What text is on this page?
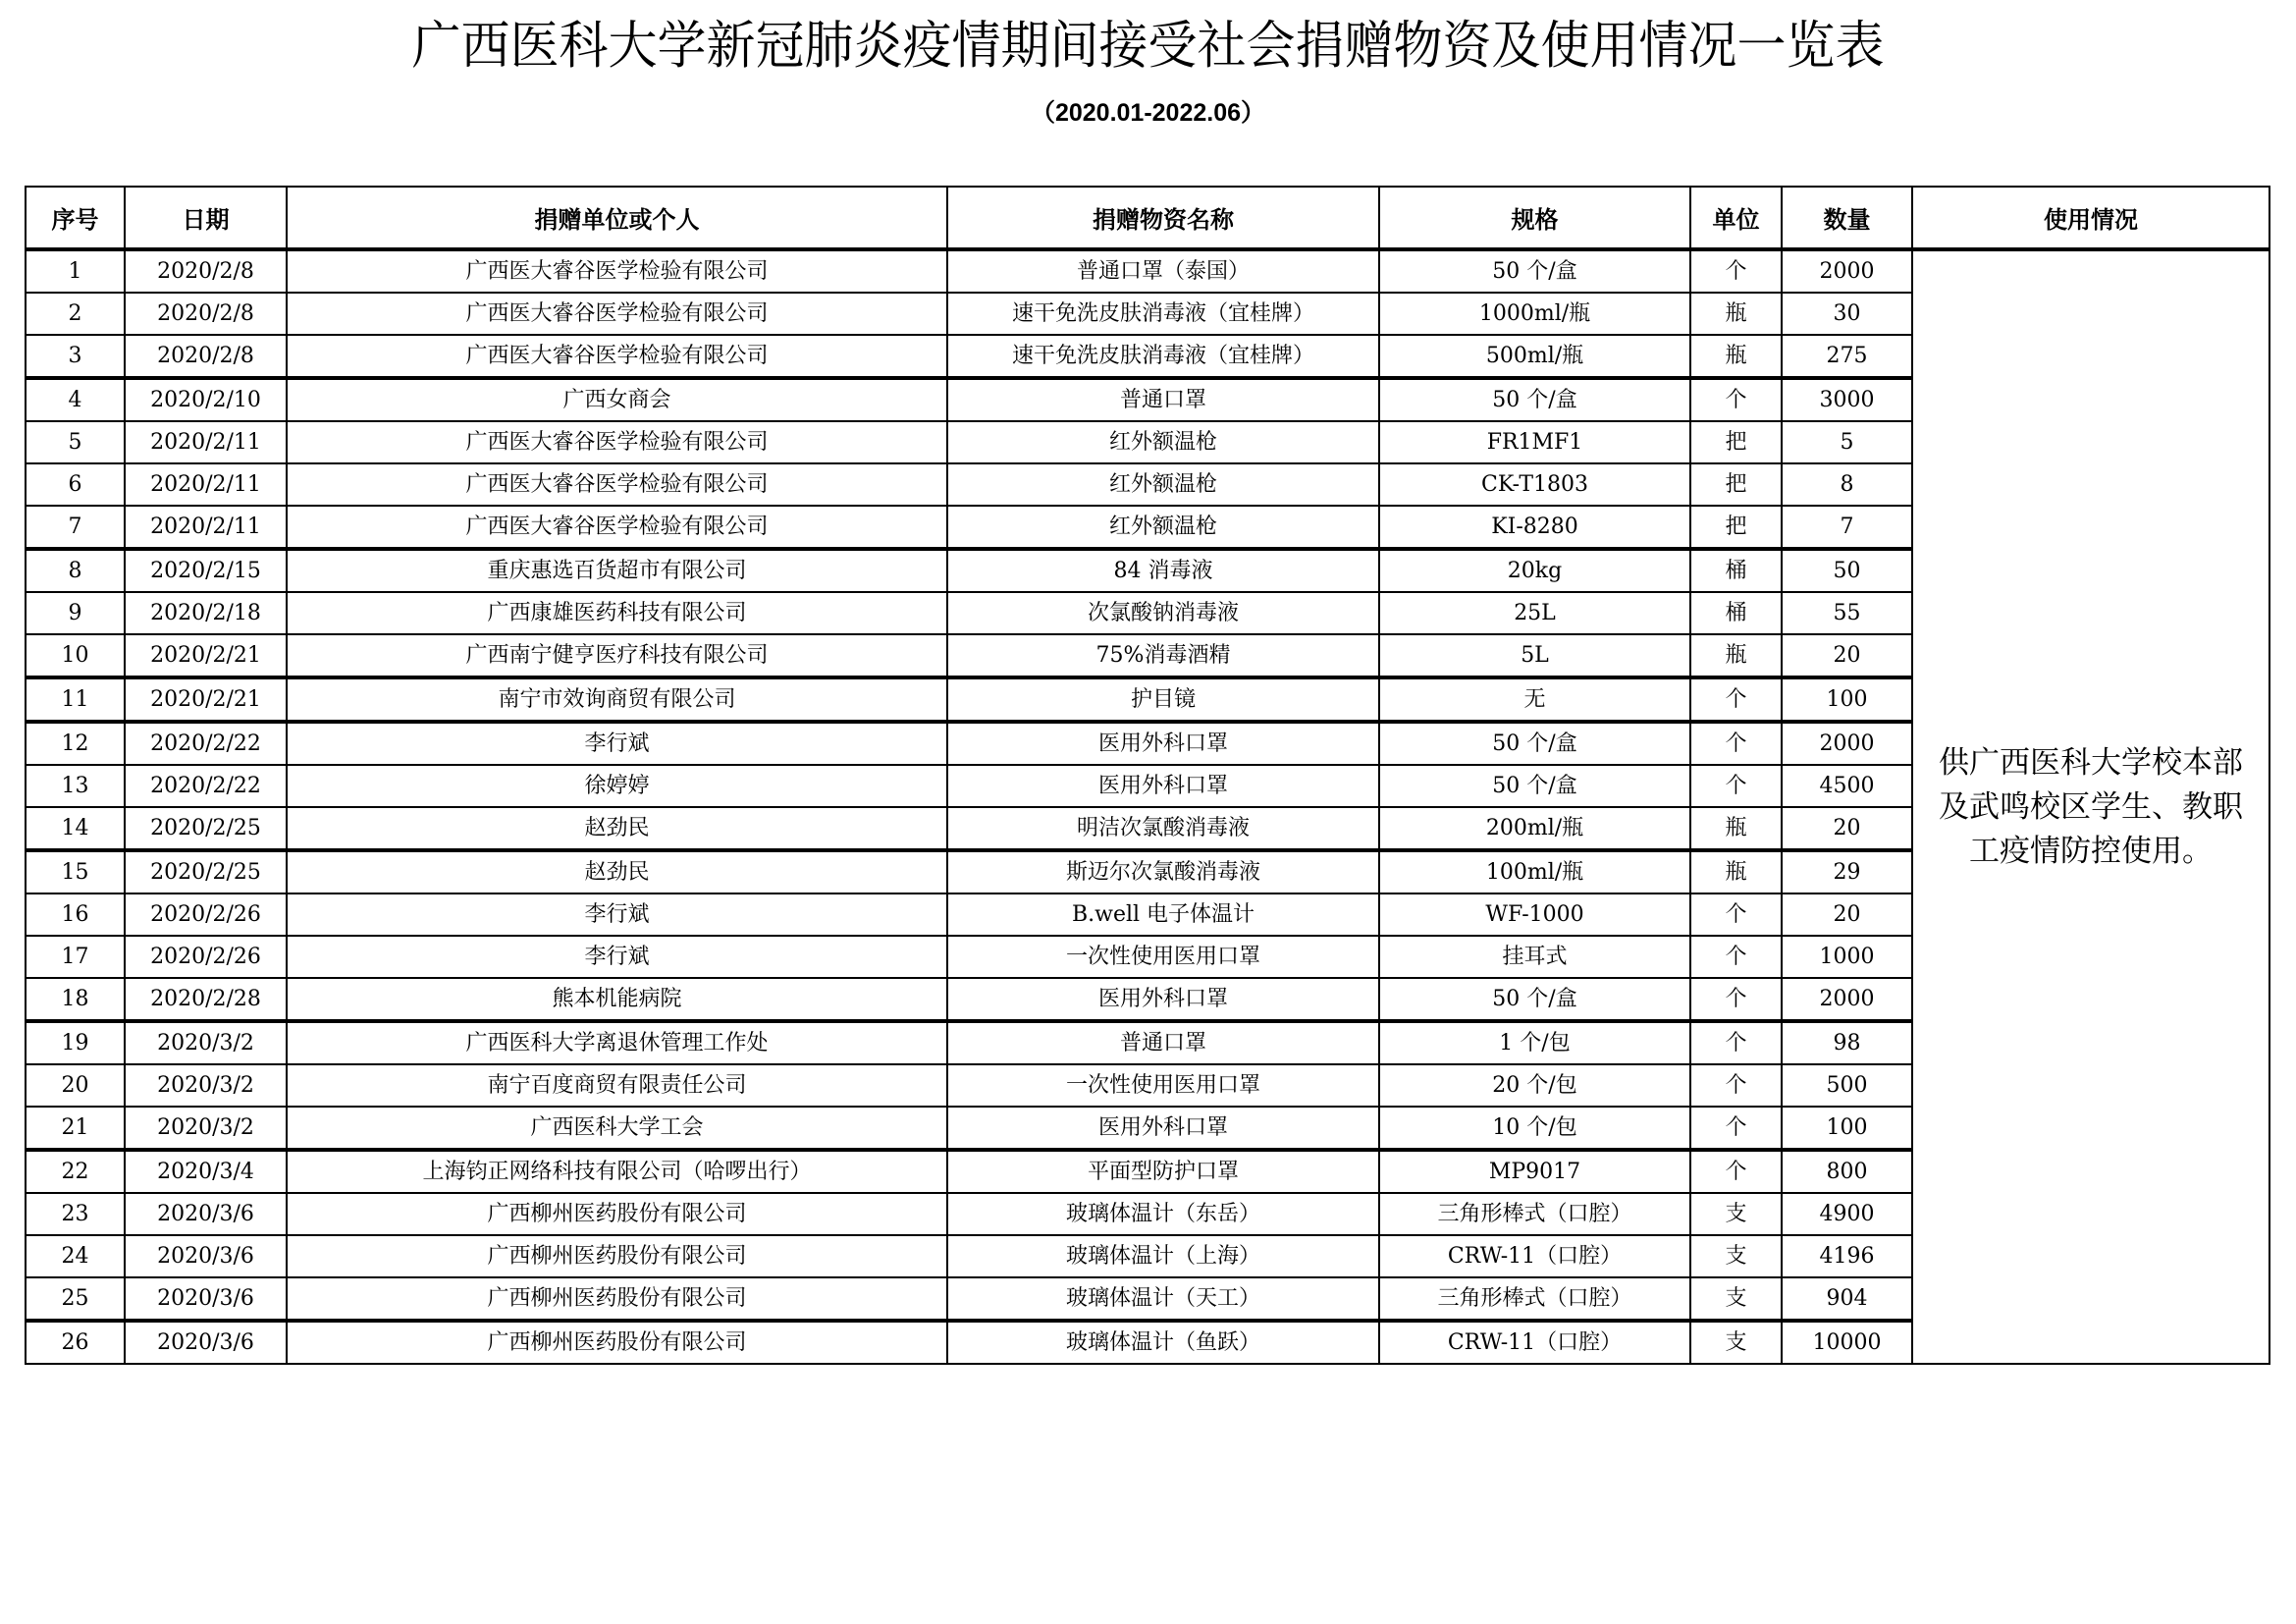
广西医科大学新冠肺炎疫情期间接受社会捐赠物资及使用情况一览表
（2020.01-2022.06）
序号	日期	捐赠单位或个人	捐赠物资名称	规格	单位	数量	使用情况
1	2020/2/8	广西医大睿谷医学检验有限公司	普通口罩（泰国）	50 个/盒	个	2000	供广西医科大学校本部及武鸣校区学生、教职工疫情防控使用。
2	2020/2/8	广西医大睿谷医学检验有限公司	速干免洗皮肤消毒液（宜桂牌）	1000ml/瓶	瓶	30	
3	2020/2/8	广西医大睿谷医学检验有限公司	速干免洗皮肤消毒液（宜桂牌）	500ml/瓶	瓶	275	
4	2020/2/10	广西女商会	普通口罩	50 个/盒	个	3000	
5	2020/2/11	广西医大睿谷医学检验有限公司	红外额温枪	FR1MF1	把	5	
6	2020/2/11	广西医大睿谷医学检验有限公司	红外额温枪	CK-T1803	把	8	
7	2020/2/11	广西医大睿谷医学检验有限公司	红外额温枪	KI-8280	把	7	
8	2020/2/15	重庆惠选百货超市有限公司	84 消毒液	20kg	桶	50	
9	2020/2/18	广西康雄医药科技有限公司	次氯酸钠消毒液	25L	桶	55	
10	2020/2/21	广西南宁健亨医疗科技有限公司	75%消毒酒精	5L	瓶	20	
11	2020/2/21	南宁市效询商贸有限公司	护目镜	无	个	100	
12	2020/2/22	李行斌	医用外科口罩	50 个/盒	个	2000	
13	2020/2/22	徐婷婷	医用外科口罩	50 个/盒	个	4500	
14	2020/2/25	赵劲民	明洁次氯酸消毒液	200ml/瓶	瓶	20	
15	2020/2/25	赵劲民	斯迈尔次氯酸消毒液	100ml/瓶	瓶	29	
16	2020/2/26	李行斌	B.well 电子体温计	WF-1000	个	20	
17	2020/2/26	李行斌	一次性使用医用口罩	挂耳式	个	1000	
18	2020/2/28	熊本机能病院	医用外科口罩	50 个/盒	个	2000	
19	2020/3/2	广西医科大学离退休管理工作处	普通口罩	1 个/包	个	98	
20	2020/3/2	南宁百度商贸有限责任公司	一次性使用医用口罩	20 个/包	个	500	
21	2020/3/2	广西医科大学工会	医用外科口罩	10 个/包	个	100	
22	2020/3/4	上海钧正网络科技有限公司（哈啰出行）	平面型防护口罩	MP9017	个	800	
23	2020/3/6	广西柳州医药股份有限公司	玻璃体温计（东岳）	三角形棒式（口腔）	支	4900	
24	2020/3/6	广西柳州医药股份有限公司	玻璃体温计（上海）	CRW-11（口腔）	支	4196	
25	2020/3/6	广西柳州医药股份有限公司	玻璃体温计（天工）	三角形棒式（口腔）	支	904	
26	2020/3/6	广西柳州医药股份有限公司	玻璃体温计（鱼跃）	CRW-11（口腔）	支	10000	
